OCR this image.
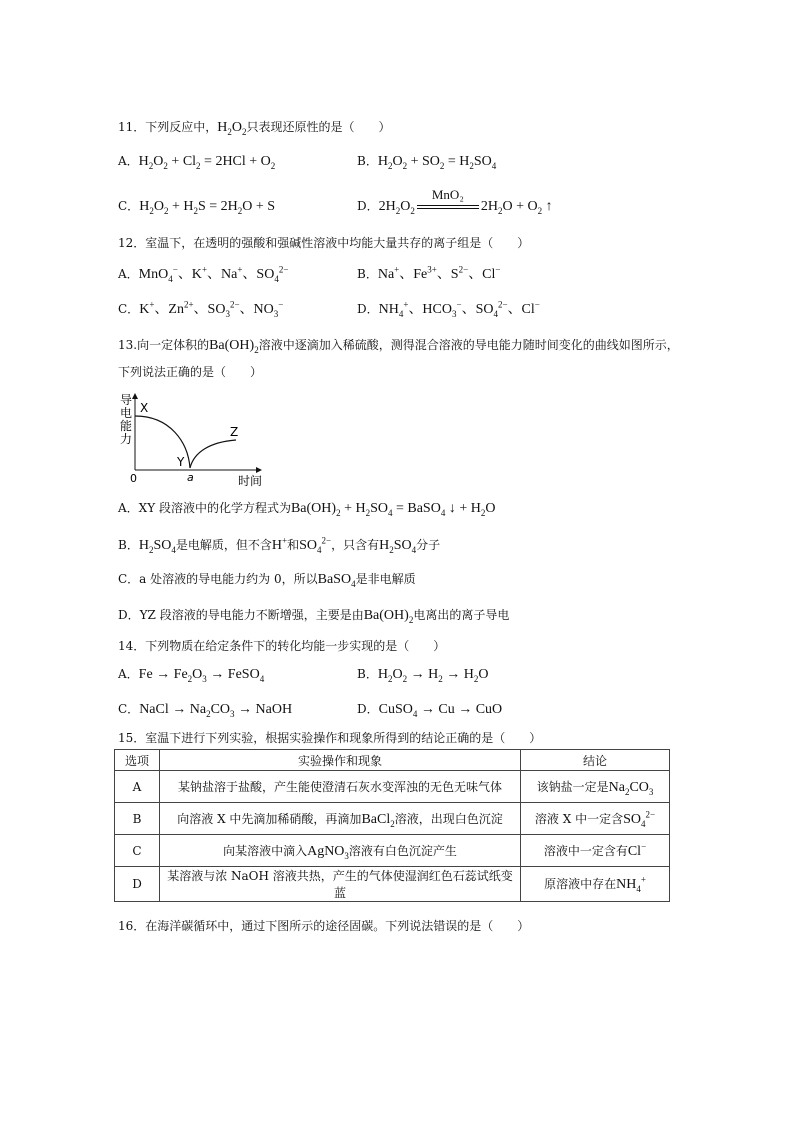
11．下列反应中，$H_2O_2$只表现还原性的是（　　）
A．$H_2O_2 + Cl_2 = 2HCl + O_2$	B．$H_2O_2 + SO_2 = H_2SO_4$
C．$H_2O_2 + H_2S = 2H_2O + S$	D．$2H_2O_2$
MnO₂
$2H_2O + O_2$ ↑
12．室温下，在透明的强酸和强碱性溶液中均能大量共存的离子组是（　　）
A．MnO$_4$−、K+、Na+、$SO_4^{2-}$	B．Na+、$Fe^{3+}$、$S^{2-}$、Cl−
C．K+、$Zn^{2+}$、$SO_3^{2-}$、$NO_3^-$	D．$NH_4^+$、$HCO_3^-$、$SO_4^{2-}$、Cl−
13.向一定体积的$Ba(OH)_2$溶液中逐滴加入稀硫酸，测得混合溶液的导电能力随时间变化的曲线如图所示，
下列说法正确的是（　　）
导
电
能
力
X
Y
Z
a
0	时间
A．XY 段溶液中的化学方程式为$Ba(OH)_2 + H_2SO_4$ = BaSO$_4$ ↓ + $H_2O$
B．$H_2SO_4$是电解质，但不含H+和$SO_4^{2-}$，只含有$H_2SO_4$分子
C．a 处溶液的导电能力约为 0，所以BaSO$_4$是非电解质
D．YZ 段溶液的导电能力不断增强，主要是由$Ba(OH)_2$电离出的离子导电
14．下列物质在给定条件下的转化均能一步实现的是（　　）
A．$Fe \to Fe_2O_3$ → FeSO$_4$	B．$H_2O_2 \to H_2 \to H_2O$
C．NaCl → $Na_2CO_3$ → NaOH	D．CuSO$_4$ → Cu → CuO
15．室温下进行下列实验，根据实验操作和现象所得到的结论正确的是（　　）
选项	实验操作和现象	结论
A	某钠盐溶于盐酸，产生能使澄清石灰水变浑浊的无色无味气体	该钠盐一定是$Na_2CO_3$
B	向溶液 X 中先滴加稀硝酸，再滴加BaCl$_2$溶液，出现白色沉淀	溶液 X 中一定含$SO_4^{2-}$
C	向某溶液中滴入AgNO$_3$溶液有白色沉淀产生	溶液中一定含有Cl−
D	某溶液与浓 NaOH 溶液共热，产生的气体使湿润红色石蕊试纸变蓝	原溶液中存在$NH_4^+$
16．在海洋碳循环中，通过下图所示的途径固碳。下列说法错误的是（　　）
